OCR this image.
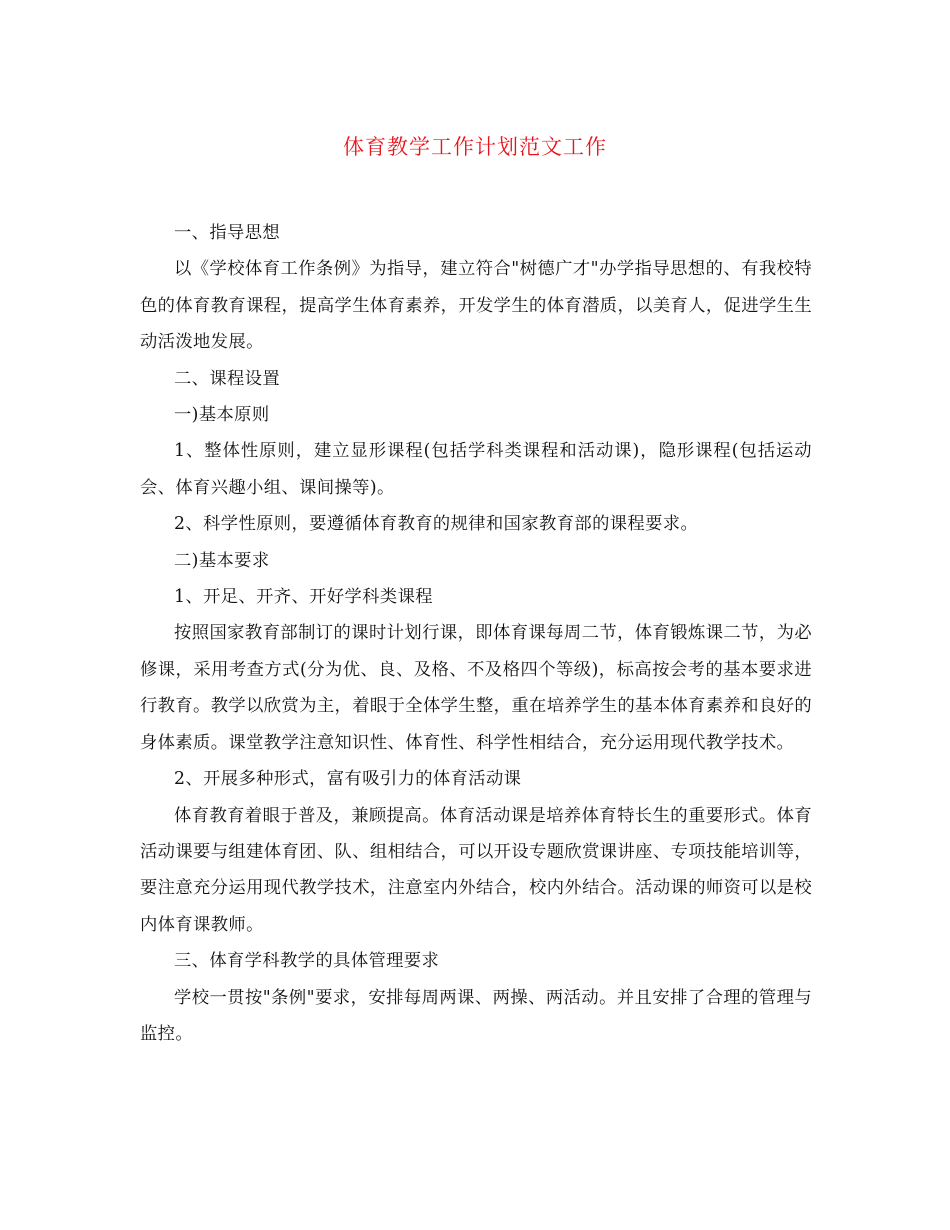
体育教学工作计划范文工作

一、指导思想

以《学校体育工作条例》为指导，建立符合"树德广才"办学指导思想的、有我校特色的体育教育课程，提高学生体育素养，开发学生的体育潜质，以美育人，促进学生生动活泼地发展。

二、课程设置

一)基本原则

1、整体性原则，建立显形课程(包括学科类课程和活动课)，隐形课程(包括运动会、体育兴趣小组、课间操等)。

2、科学性原则，要遵循体育教育的规律和国家教育部的课程要求。

二)基本要求

1、开足、开齐、开好学科类课程

按照国家教育部制订的课时计划行课，即体育课每周二节，体育锻炼课二节，为必修课，采用考查方式(分为优、良、及格、不及格四个等级)，标高按会考的基本要求进行教育。教学以欣赏为主，着眼于全体学生整，重在培养学生的基本体育素养和良好的身体素质。课堂教学注意知识性、体育性、科学性相结合，充分运用现代教学技术。

2、开展多种形式，富有吸引力的体育活动课

体育教育着眼于普及，兼顾提高。体育活动课是培养体育特长生的重要形式。体育活动课要与组建体育团、队、组相结合，可以开设专题欣赏课讲座、专项技能培训等，要注意充分运用现代教学技术，注意室内外结合，校内外结合。活动课的师资可以是校内体育课教师。

三、体育学科教学的具体管理要求

学校一贯按"条例"要求，安排每周两课、两操、两活动。并且安排了合理的管理与监控。
